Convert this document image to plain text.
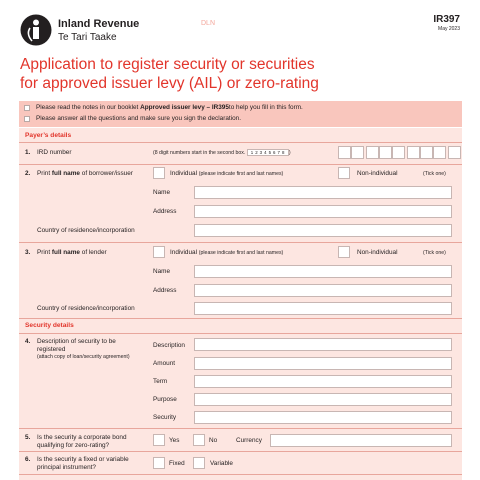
Inland Revenue
Te Tari Taake
DLN	IR397
May 2023
Application to register security or securities
for approved issuer levy (AIL) or zero-rating
Please read the notes in our booklet
Approved issuer levy – IR395 to help you fill in this form.
Please answer all the questions and make sure you sign the declaration.
Payer’s details
1. IRD number	(8 digit numbers start in the second box. 1 2 3 4 5 6 7 8 )
2. Print full name of borrower/issuer	Individual (please indicate first and last names)	Non-individual	(Tick one)
Name
Address
Country of residence/incorporation
3. Print full name of lender	Individual (please indicate first and last names)	Non-individual	(Tick one)
Name
Address
Country of residence/incorporation
Security details
4. Description of security to be
registered
(attach copy of loan/security agreement)
Description
Amount
Term
Purpose
Security
5. Is the security a corporate bond
qualifying for zero-rating?
Yes	No	Currency
6. Is the security a fixed or variable
principal instrument?	Fixed	Variable
